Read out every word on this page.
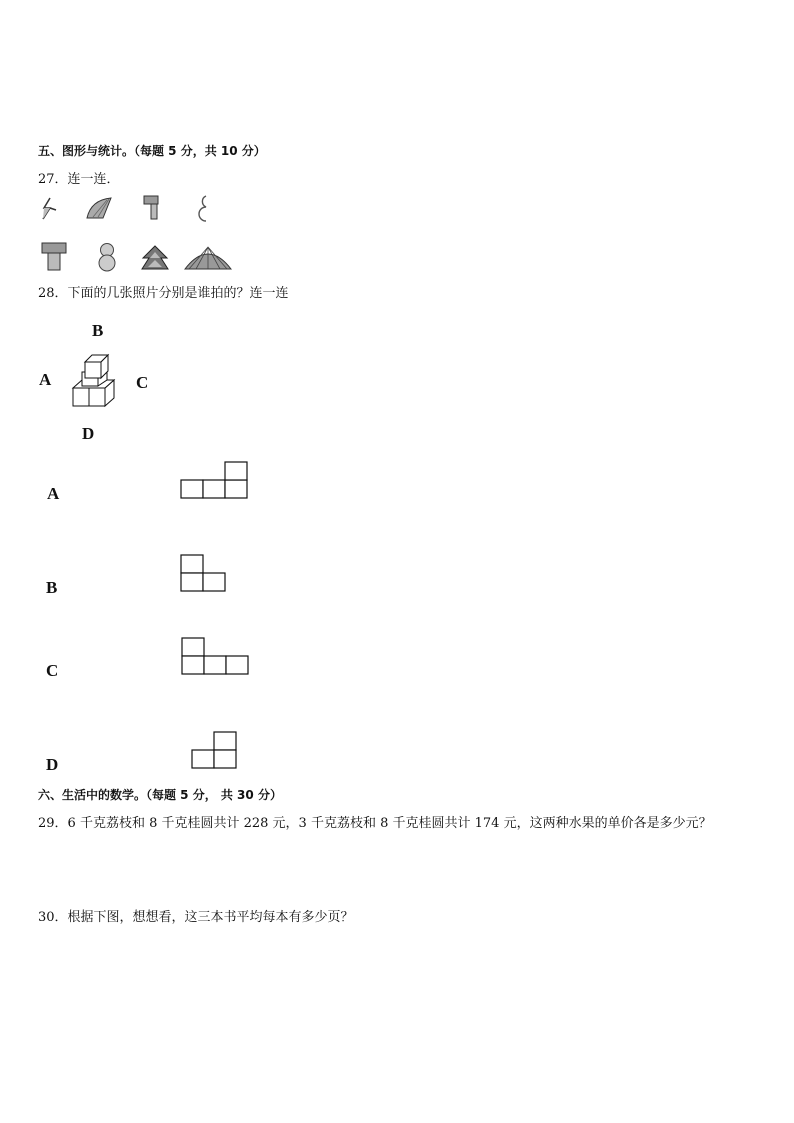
五、图形与统计。（每题 5 分，共 10 分）
27．连一连．
28．下面的几张照片分别是谁拍的？连一连
B
A	C
D
A
B
C
D
六、生活中的数学。（每题 5 分， 共 30 分）
29．6 千克荔枝和 8 千克桂圆共计 228 元，3 千克荔枝和 8 千克桂圆共计 174 元，这两种水果的单价各是多少元？
30．根据下图，想想看，这三本书平均每本有多少页？
